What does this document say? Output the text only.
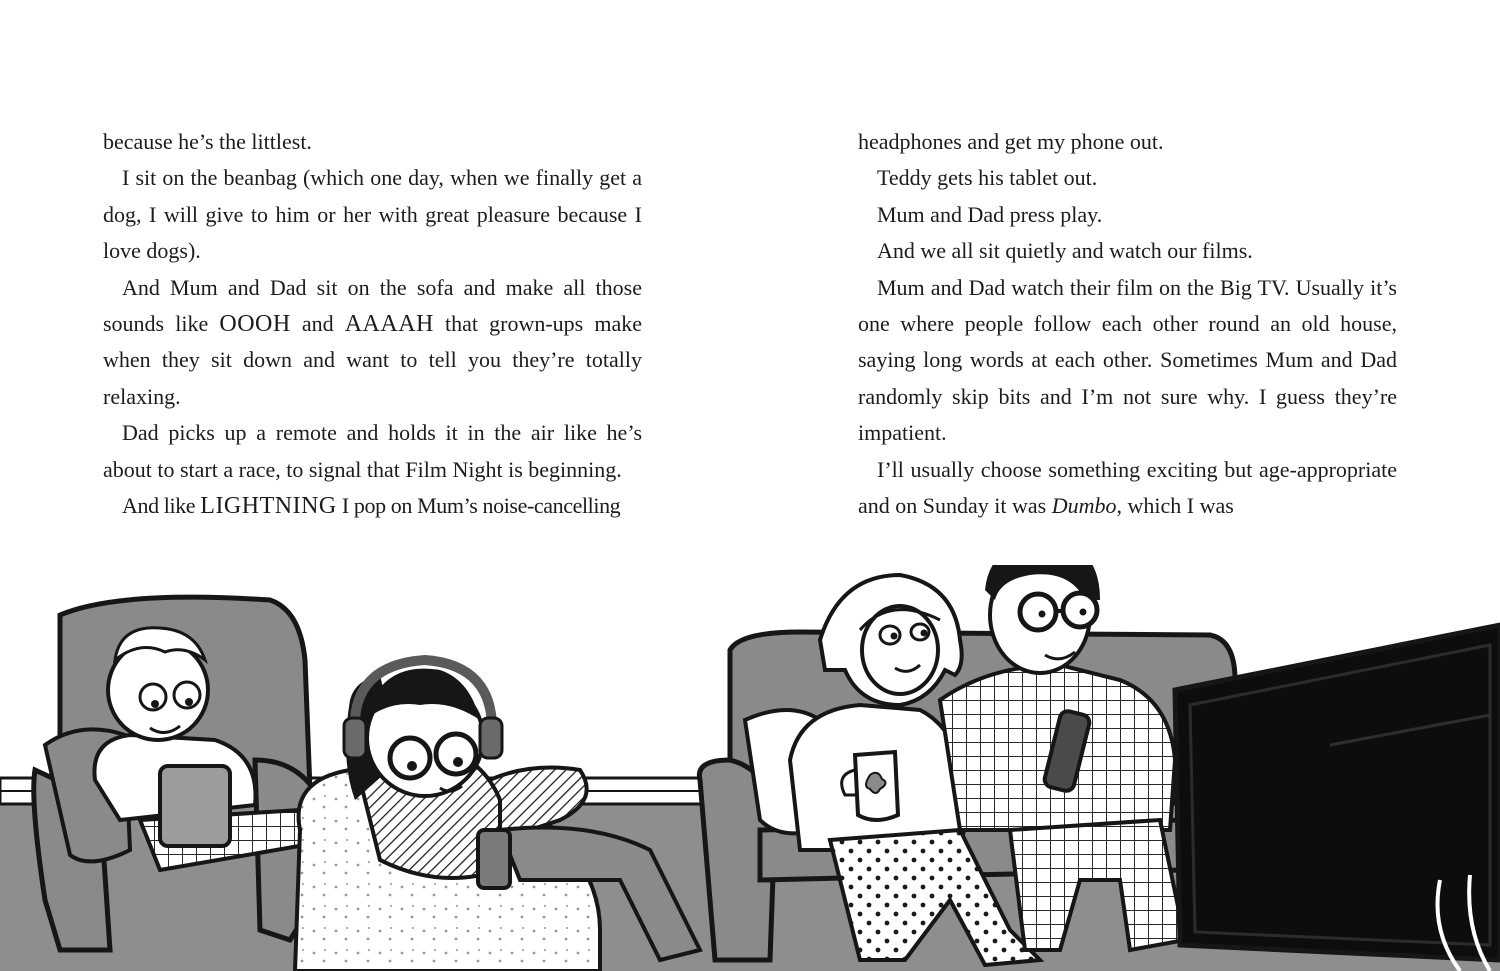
because he’s the littlest.

I sit on the beanbag (which one day, when we finally get a dog, I will give to him or her with great pleasure because I love dogs).

And Mum and Dad sit on the sofa and make all those sounds like OOOH and AAAAH that grown-ups make when they sit down and want to tell you they’re totally relaxing.

Dad picks up a remote and holds it in the air like he’s about to start a race, to signal that Film Night is beginning.

And like LIGHTNING I pop on Mum’s noise-cancelling

headphones and get my phone out.

Teddy gets his tablet out.

Mum and Dad press play.

And we all sit quietly and watch our films.

Mum and Dad watch their film on the Big TV. Usually it’s one where people follow each other round an old house, saying long words at each other. Sometimes Mum and Dad randomly skip bits and I’m not sure why. I guess they’re impatient.

I’ll usually choose something exciting but age-appropriate and on Sunday it was Dumbo, which I was
